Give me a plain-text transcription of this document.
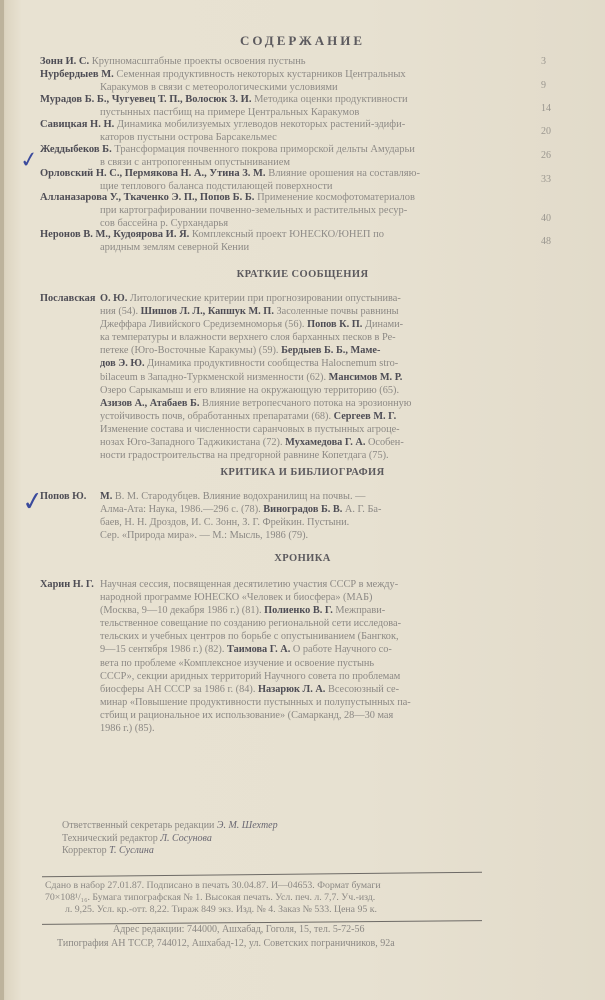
СОДЕРЖАНИЕ
Зонн И. С. Крупномасштабные проекты освоения пустынь	3
Нурбердыев М. Семенная продуктивность некоторых кустарников Центральных
Каракумов в связи с метеорологическими условиями	9
Мурадов Б. Б., Чугуевец Т. П., Волосюк З. И. Методика оценки продуктивности
пустынных пастбищ на примере Центральных Каракумов	14
Савицкая Н. Н. Динамика мобилизуемых углеводов некоторых растений-эдифи-
каторов пустыни острова Барсакельмес
20
Жеддыбеков Б. Трансформация почвенного покрова приморской дельты Амударьи
в связи с антропогенным опустыниванием
26
✓ Орловский Н. С., Пермякова Н. А., Утина З. М. Влияние орошения на составляю-
щие теплового баланса подстилающей поверхности
33
Алланазарова У., Ткаченко Э. П., Попов Б. Б. Применение космофотоматериалов
при картографировании почвенно-земельных и растительных ресур-
сов бассейна р. Сурхандарья	40
Неронов В. М., Кудоярова И. Я. Комплексный проект ЮНЕСКО/ЮНЕП по
аридным землям северной Кении
48
КРАТКИЕ СООБЩЕНИЯ
Пославская О. Ю. Литологические критерии при прогнозировании опустынива-
ния (54). Шишов Л. Л., Капшук М. П. Засоленные почвы равнины
Джеффара Ливийского Средиземноморья (56). Попов К. П. Динами-
ка температуры и влажности верхнего слоя барханных песков в Ре-
петеке (Юго-Восточные Каракумы) (59). Бердыев Б. Б., Маме-
дов Э. Ю. Динамика продуктивности сообщества Halocnemum stro-
bilaceum в Западно-Туркменской низменности (62). Мансимов М. Р.
Озеро Сарыкамыш и его влияние на окружающую территорию (65).
Азизов А., Атабаев Б. Влияние ветропесчаного потока на эрозионную
устойчивость почв, обработанных препаратами (68). Сергеев М. Г.
Изменение состава и численности саранчовых в пустынных агроце-
нозах Юго-Западного Таджикистана (72). Мухамедова Г. А. Особен-
ности градостроительства на предгорной равнине Копетдага (75).
КРИТИКА И БИБЛИОГРАФИЯ
✓
Попов Ю.	М. В. М. Стародубцев. Влияние водохранилищ на почвы. —
Алма-Ата: Наука, 1986.—296 с. (78). Виноградов Б. В. А. Г. Ба-
баев, Н. Н. Дроздов, И. С. Зонн, З. Г. Фрейкин. Пустыни.
Сер. «Природа мира». — М.: Мысль, 1986 (79).
ХРОНИКА
Харин Н. Г. Научная сессия, посвященная десятилетию участия СССР в между-
народной программе ЮНЕСКО «Человек и биосфера» (МАБ)
(Москва, 9—10 декабря 1986 г.) (81). Полиенко В. Г. Межправи-
тельственное совещание по созданию региональной сети исследова-
тельских и учебных центров по борьбе с опустыниванием (Бангкок,
9—15 сентября 1986 г.) (82). Таимова Г. А. О работе Научного со-
вета по проблеме «Комплексное изучение и освоение пустынь
СССР», секции аридных территорий Научного совета по проблемам
биосферы АН СССР за 1986 г. (84). Назарюк Л. А. Всесоюзный се-
минар «Повышение продуктивности пустынных и полупустынных па-
стбищ и рациональное их использование» (Самарканд, 28—30 мая
1986 г.) (85).
Ответственный секретарь редакции Э. М. Шехтер
Технический редактор Л. Сосунова
Корректор Т. Суслина
Сдано в набор 27.01.87. Подписано в печать 30.04.87. И—04653. Формат бумаги
70×108¹/₁₆. Бумага типографская № 1. Высокая печать. Усл. печ. л. 7,7. Уч.-изд.
л. 9,25. Усл. кр.-отт. 8,22. Тираж 849 экз. Изд. № 4. Заказ № 533. Цена 95 к.
Адрес редакции: 744000, Ашхабад, Гоголя, 15, тел. 5-72-56
Типография АН ТССР, 744012, Ашхабад-12, ул. Советских пограничников, 92а
